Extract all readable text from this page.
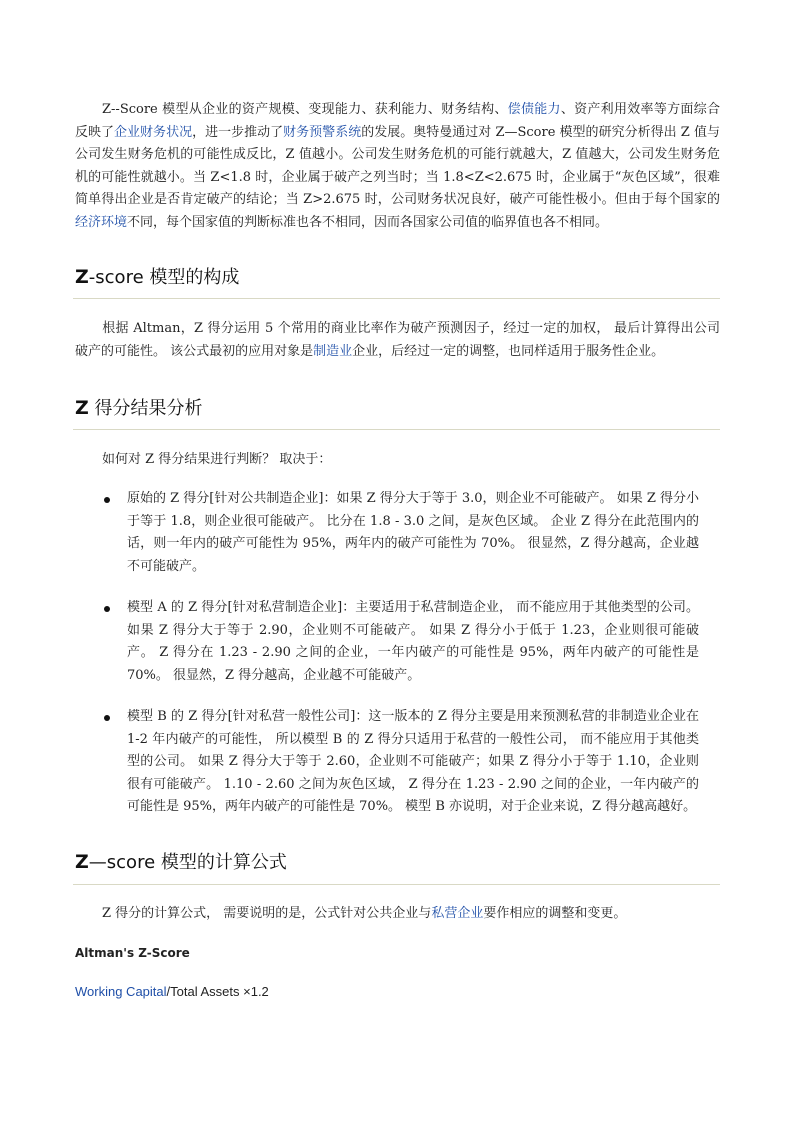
Z--Score 模型从企业的资产规模、变现能力、获利能力、财务结构、偿债能力、资产利用效率等方面综合反映了企业财务状况，进一步推动了财务预警系统的发展。奥特曼通过对 Z—Score 模型的研究分析得出 Z 值与公司发生财务危机的可能性成反比，Z 值越小。公司发生财务危机的可能行就越大，Z 值越大，公司发生财务危机的可能性就越小。当 Z<1.8 时，企业属于破产之列当时；当 1.8<Z<2.675 时，企业属于“灰色区域”，很难简单得出企业是否肯定破产的结论；当 Z>2.675 时，公司财务状况良好，破产可能性极小。但由于每个国家的经济环境不同，每个国家值的判断标准也各不相同，因而各国家公司值的临界值也各不相同。

Z-score 模型的构成

根据 Altman，Z 得分运用 5 个常用的商业比率作为破产预测因子，经过一定的加权， 最后计算得出公司破产的可能性。 该公式最初的应用对象是制造业企业，后经过一定的调整，也同样适用于服务性企业。

Z 得分结果分析

如何对 Z 得分结果进行判断？ 取决于：

原始的 Z 得分[针对公共制造企业]：如果 Z 得分大于等于 3.0，则企业不可能破产。 如果 Z 得分小于等于 1.8，则企业很可能破产。 比分在 1.8 - 3.0 之间，是灰色区域。 企业 Z 得分在此范围内的话，则一年内的破产可能性为 95%，两年内的破产可能性为 70%。 很显然，Z 得分越高，企业越不可能破产。

模型 A 的 Z 得分[针对私营制造企业]：主要适用于私营制造企业， 而不能应用于其他类型的公司。 如果 Z 得分大于等于 2.90，企业则不可能破产。 如果 Z 得分小于低于 1.23，企业则很可能破产。 Z 得分在 1.23 - 2.90 之间的企业，一年内破产的可能性是 95%，两年内破产的可能性是 70%。 很显然，Z 得分越高，企业越不可能破产。

模型 B 的 Z 得分[针对私营一般性公司]：这一版本的 Z 得分主要是用来预测私营的非制造业企业在 1-2 年内破产的可能性， 所以模型 B 的 Z 得分只适用于私营的一般性公司， 而不能应用于其他类型的公司。 如果 Z 得分大于等于 2.60，企业则不可能破产；如果 Z 得分小于等于 1.10，企业则很有可能破产。 1.10 - 2.60 之间为灰色区域， Z 得分在 1.23 - 2.90 之间的企业，一年内破产的可能性是 95%，两年内破产的可能性是 70%。 模型 B 亦说明，对于企业来说，Z 得分越高越好。

Z—score 模型的计算公式

Z 得分的计算公式， 需要说明的是，公式针对公共企业与私营企业要作相应的调整和变更。

Altman's Z-Score

Working Capital/Total Assets ×1.2
